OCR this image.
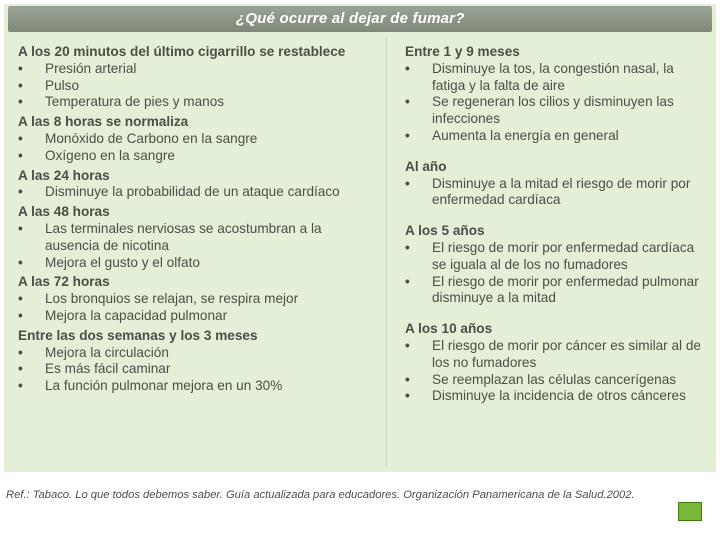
¿Qué ocurre al dejar de fumar?
A los 20 minutos del último cigarrillo se restablece
• Presión arterial
• Pulso
• Temperatura de pies y manos
A las 8 horas se normaliza
• Monóxido de Carbono en la sangre
• Oxígeno en la sangre
A las 24 horas
• Disminuye la probabilidad de un ataque cardíaco
A las 48 horas
• Las terminales nerviosas se acostumbran a la ausencia de nicotina
• Mejora el gusto y el olfato
A las 72 horas
• Los bronquios se relajan, se respira mejor
• Mejora la capacidad pulmonar
Entre las dos semanas y los 3 meses
• Mejora la circulación
• Es más fácil caminar
• La función pulmonar mejora en un 30%
Entre 1 y 9 meses
• Disminuye la tos, la congestión nasal, la fatiga y la falta de aire
• Se regeneran los cilios y disminuyen las infecciones
• Aumenta la energía en general
Al año
• Disminuye a la mitad el riesgo de morir por enfermedad cardíaca
A los 5 años
• El riesgo de morir por enfermedad cardíaca se iguala al de los no fumadores
• El riesgo de morir por enfermedad pulmonar disminuye a la mitad
A los 10 años
• El riesgo de morir por cáncer es similar al de los no fumadores
• Se reemplazan las células cancerígenas
• Disminuye la incidencia de otros cánceres
Ref.: Tabaco. Lo que todos debemos saber. Guía actualizada para educadores. Organización Panamericana de la Salud.2002.
